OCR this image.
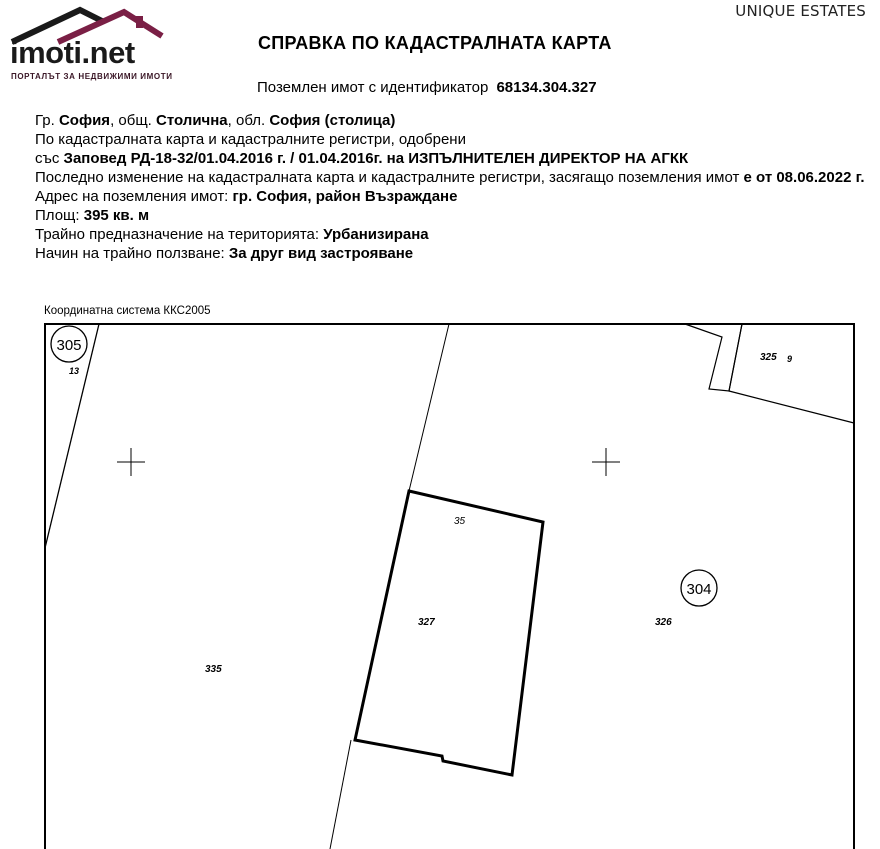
imoti.net
ПОРТАЛЪТ ЗА НЕДВИЖИМИ ИМОТИ
UNIQUE ESTATES
СПРАВКА ПО КАДАСТРАЛНАТА КАРТА
Поземлен имот с идентификатор 68134.304.327

Гр. София, общ. Столична, обл. София (столица)

По кадастралната карта и кадастралните регистри, одобрени

със Заповед РД-18-32/01.04.2016 г. / 01.04.2016г. на ИЗПЪЛНИТЕЛЕН ДИРЕКТОР НА АГКК

Последно изменение на кадастралната карта и кадастралните регистри, засягащо поземления имот е от 08.06.2022 г.

Адрес на поземления имот: гр. София, район Възраждане

Площ: 395 кв. м

Трайно предназначение на територията: Урбанизирана

Начин на трайно ползване: За друг вид застрояване

Координатна система ККС2005
305
304
13
325 9
35
327	326
335
